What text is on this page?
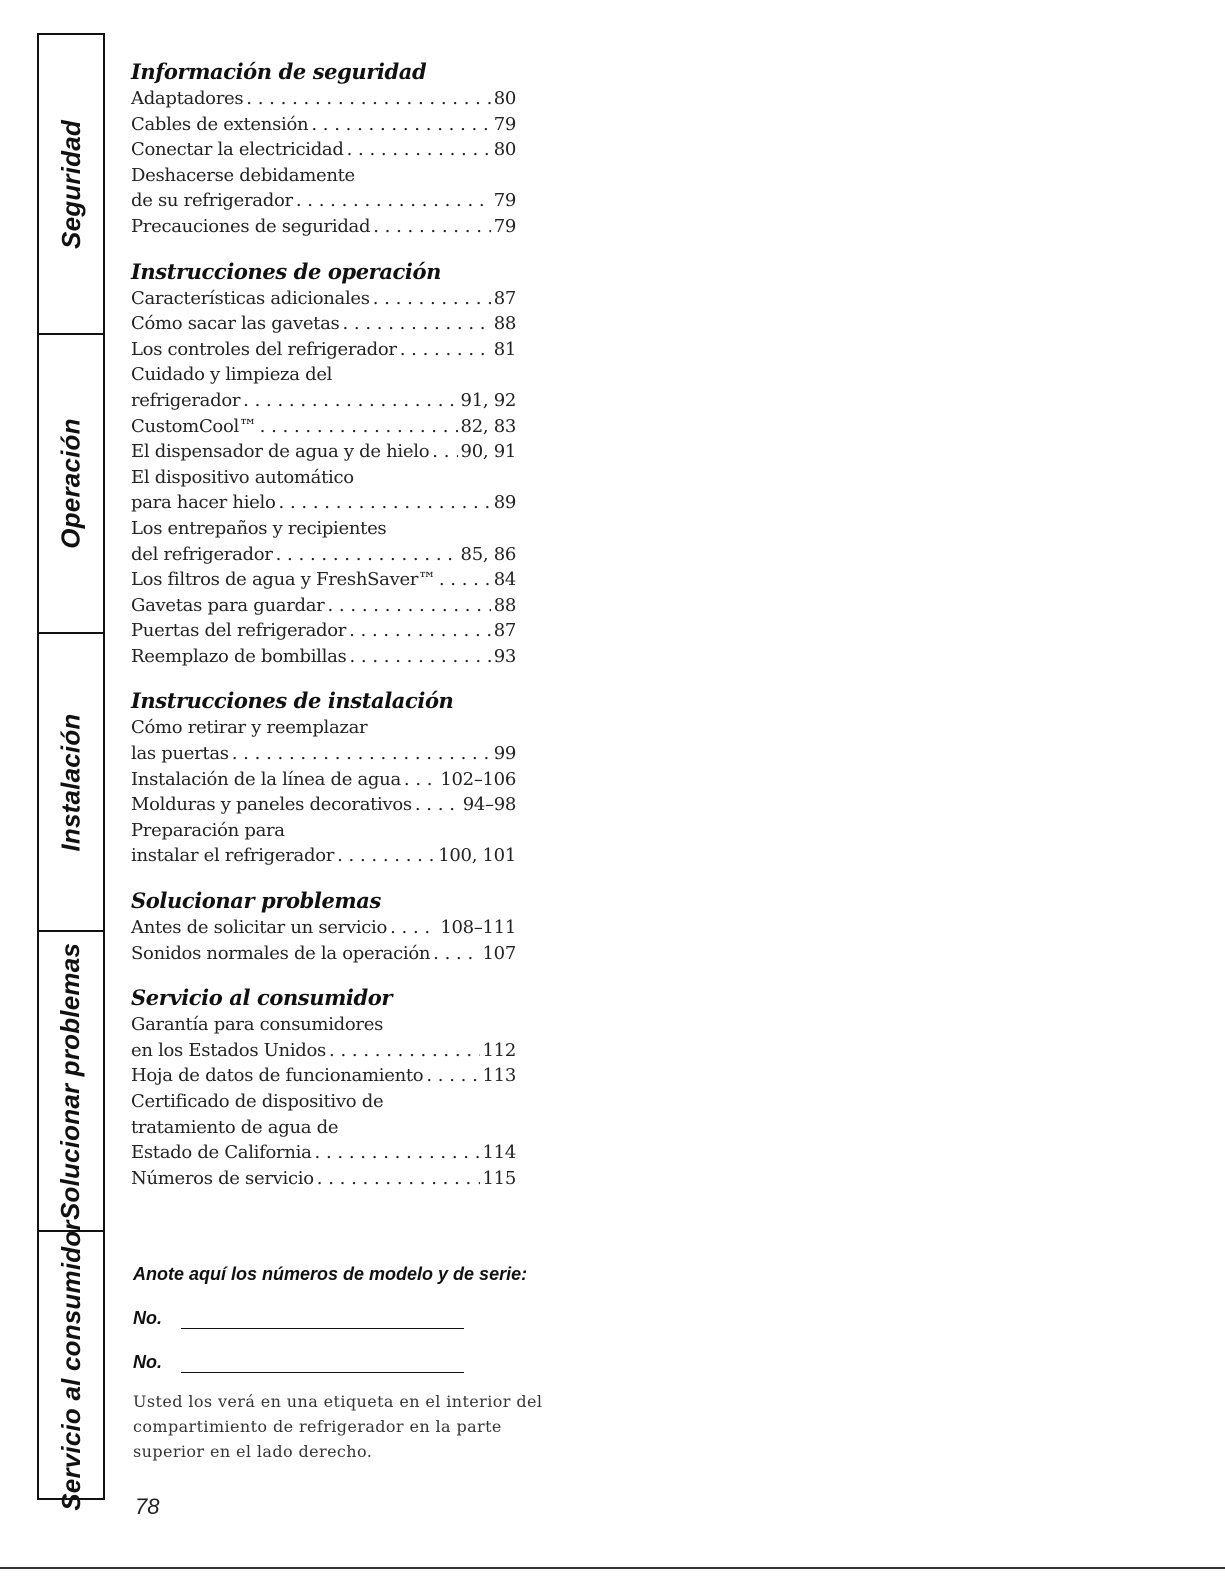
Seguridad
Operación
Instalación
Solucionar problemas
Servicio al consumidor
Información de seguridad
Adaptadores . . .	80
Cables de extensión . . .	79
Conectar la electricidad . . .	80
Deshacerse debidamente
de su refrigerador . . .	79
Precauciones de seguridad . . .	79
Instrucciones de operación
Características adicionales . . .	87
Cómo sacar las gavetas . . .	88
Los controles del refrigerador . . .	81
Cuidado y limpieza del
refrigerador . . .	91, 92
CustomCool™ . . .	82, 83
El dispensador de agua y de hielo . . . 90, 91
El dispositivo automático
para hacer hielo . . .	89
Los entrepaños y recipientes
del refrigerador . . .	85, 86
Los filtros de agua y FreshSaver™ . . .	84
Gavetas para guardar . . .	88
Puertas del refrigerador . . .	87
Reemplazo de bombillas . . .	93
Instrucciones de instalación
Cómo retirar y reemplazar
las puertas . . .	99
Instalación de la línea de agua . . . 102–106
Molduras y paneles decorativos . . .	94–98
Preparación para
instalar el refrigerador . . .	100, 101
Solucionar problemas
Antes de solicitar un servicio . . .	108–111
Sonidos normales de la operación . . .	107
Servicio al consumidor
Garantía para consumidores
en los Estados Unidos . . .	112
Hoja de datos de funcionamiento . . .	113
Certificado de dispositivo de
tratamiento de agua de
Estado de California . . .	114
Números de servicio . . .	115
Anote aquí los números de modelo y de serie:
No.
No.
Usted los verá en una etiqueta en el interior del compartimiento de refrigerador en la parte superior en el lado derecho.
78
